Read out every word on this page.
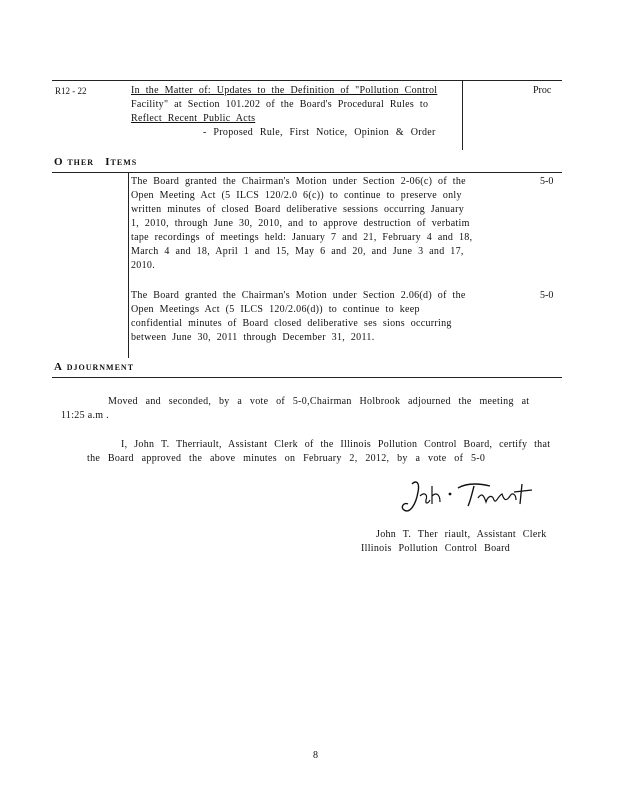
R12 - 22	In the Matter of: Updates to the Definition of "Pollution Control
Facility" at Section 101.202 of the Board's Procedural Rules to
Reflect Recent Public Acts
- Proposed Rule, First Notice, Opinion & Order
Proc
O THER ITEMS
The Board granted the Chairman's Motion under Section 2-06(c) of the
Open Meeting Act (5 ILCS 120/2.0 6(c)) to continue to preserve only
written minutes of closed Board deliberative sessions occurring January
1, 2010, through June 30, 2010, and to approve destruction of verbatim
tape recordings of meetings held: January 7 and 21, February 4 and 18,
March 4 and 18, April 1 and 15, May 6 and 20, and June 3 and 17,
2010.
5-0
The Board granted the Chairman's Motion under Section 2.06(d) of the
Open Meetings Act (5 ILCS 120/2.06(d)) to continue to keep
confidential minutes of Board closed deliberative ses sions occurring
between June 30, 2011 through December 31, 2011.
5-0
A DJOURNMENT
Moved and seconded, by a vote of 5-0,Chairman Holbrook adjourned the meeting at
11:25 a.m .
I, John T. Therriault, Assistant Clerk of the Illinois Pollution Control Board, certify that
the Board approved the above minutes on February 2, 2012, by a vote of 5-0
John T. Therriault
John T. Ther riault, Assistant Clerk
Illinois Pollution Control Board
8
